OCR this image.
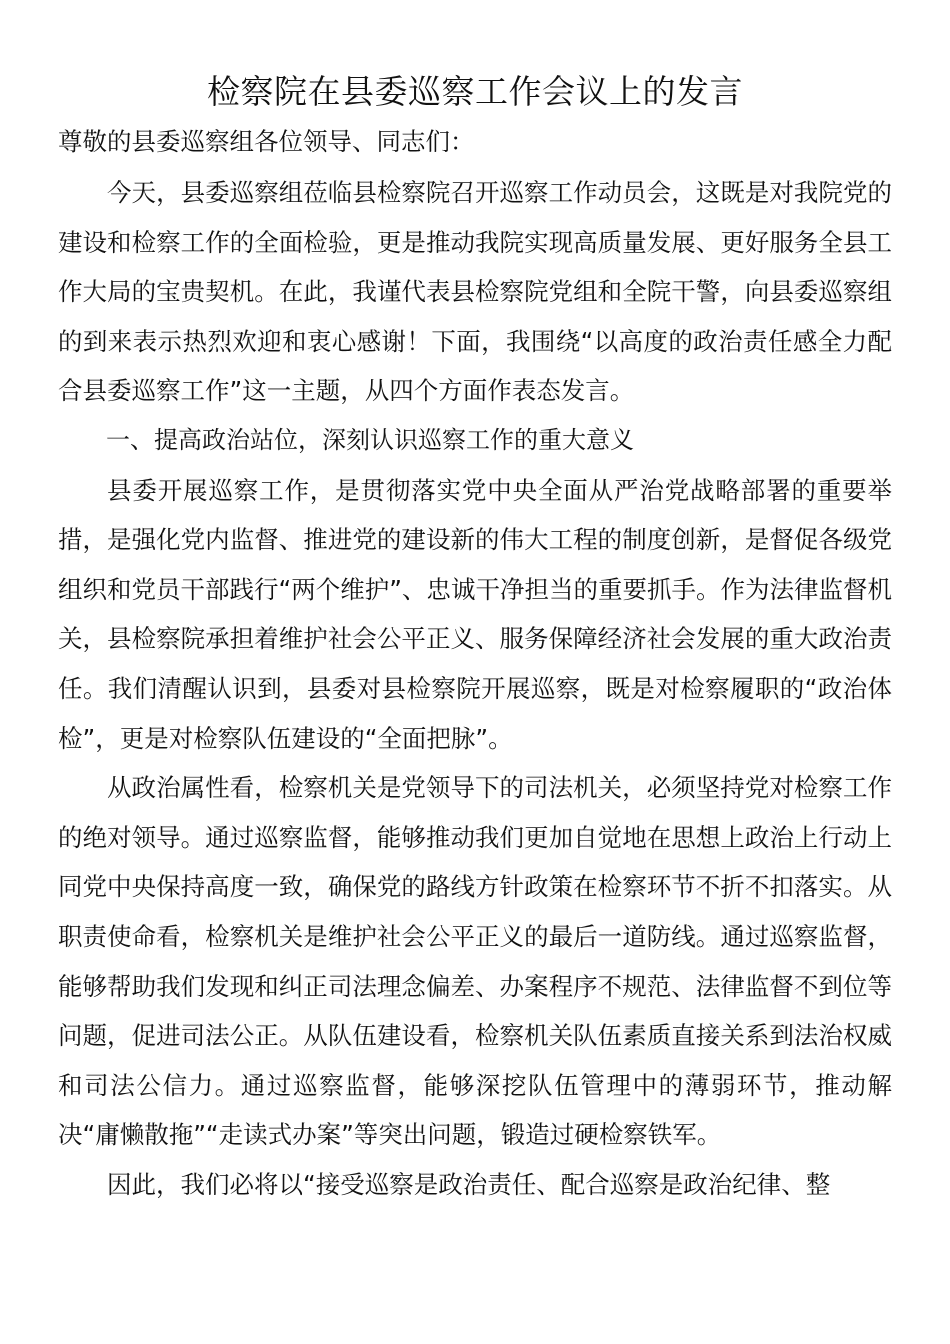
检察院在县委巡察工作会议上的发言
尊敬的县委巡察组各位领导、同志们：

今天，县委巡察组莅临县检察院召开巡察工作动员会，这既是对我院党的建设和检察工作的全面检验，更是推动我院实现高质量发展、更好服务全县工作大局的宝贵契机。在此，我谨代表县检察院党组和全院干警，向县委巡察组的到来表示热烈欢迎和衷心感谢！下面，我围绕“以高度的政治责任感全力配合县委巡察工作”这一主题，从四个方面作表态发言。

一、提高政治站位，深刻认识巡察工作的重大意义

县委开展巡察工作，是贯彻落实党中央全面从严治党战略部署的重要举措，是强化党内监督、推进党的建设新的伟大工程的制度创新，是督促各级党组织和党员干部践行“两个维护”、忠诚干净担当的重要抓手。作为法律监督机关，县检察院承担着维护社会公平正义、服务保障经济社会发展的重大政治责任。我们清醒认识到，县委对县检察院开展巡察，既是对检察履职的“政治体检”，更是对检察队伍建设的“全面把脉”。

从政治属性看，检察机关是党领导下的司法机关，必须坚持党对检察工作的绝对领导。通过巡察监督，能够推动我们更加自觉地在思想上政治上行动上同党中央保持高度一致，确保党的路线方针政策在检察环节不折不扣落实。从职责使命看，检察机关是维护社会公平正义的最后一道防线。通过巡察监督，能够帮助我们发现和纠正司法理念偏差、办案程序不规范、法律监督不到位等问题，促进司法公正。从队伍建设看，检察机关队伍素质直接关系到法治权威和司法公信力。通过巡察监督，能够深挖队伍管理中的薄弱环节，推动解决“庸懒散拖”“走读式办案”等突出问题，锻造过硬检察铁军。

因此，我们必将以“接受巡察是政治责任、配合巡察是政治纪律、整
